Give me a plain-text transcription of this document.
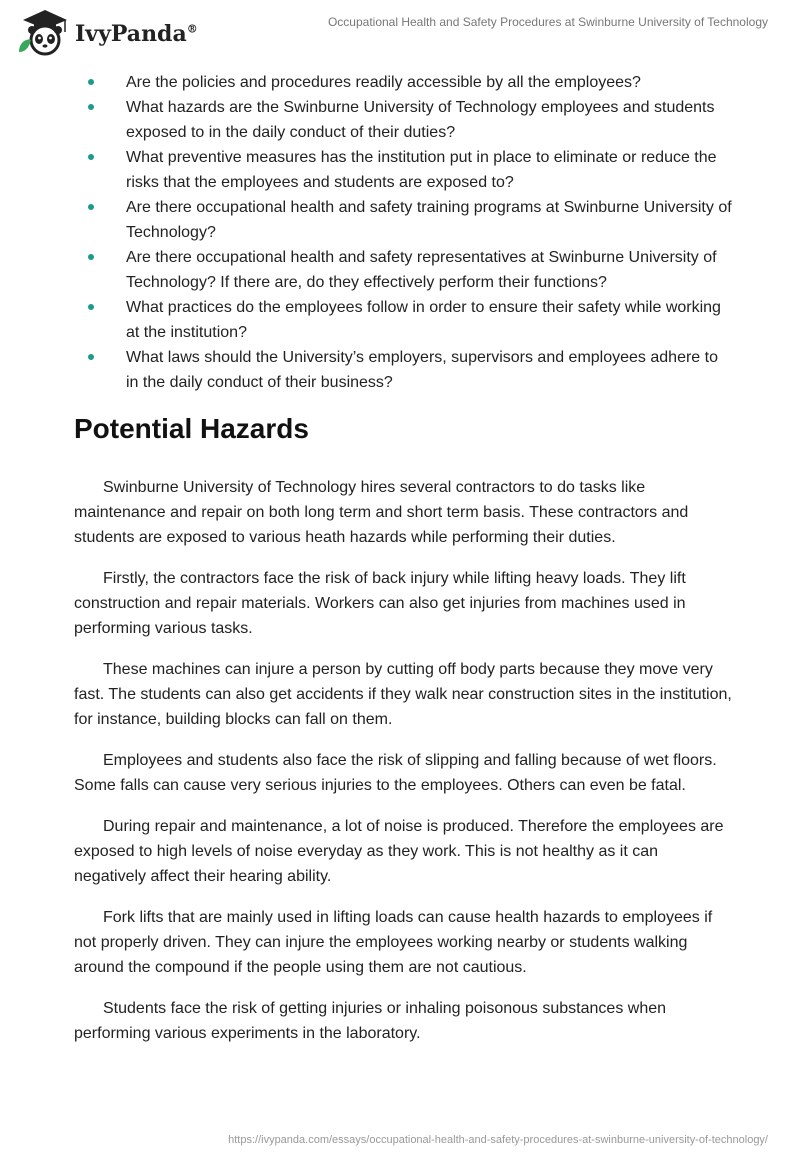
IvyPanda®
Occupational Health and Safety Procedures at Swinburne University of Technology
Are the policies and procedures readily accessible by all the employees?
What hazards are the Swinburne University of Technology employees and students exposed to in the daily conduct of their duties?
What preventive measures has the institution put in place to eliminate or reduce the risks that the employees and students are exposed to?
Are there occupational health and safety training programs at Swinburne University of Technology?
Are there occupational health and safety representatives at Swinburne University of Technology? If there are, do they effectively perform their functions?
What practices do the employees follow in order to ensure their safety while working at the institution?
What laws should the University’s employers, supervisors and employees adhere to in the daily conduct of their business?
Potential Hazards

Swinburne University of Technology hires several contractors to do tasks like maintenance and repair on both long term and short term basis. These contractors and students are exposed to various heath hazards while performing their duties.

Firstly, the contractors face the risk of back injury while lifting heavy loads. They lift construction and repair materials. Workers can also get injuries from machines used in performing various tasks.

These machines can injure a person by cutting off body parts because they move very fast. The students can also get accidents if they walk near construction sites in the institution, for instance, building blocks can fall on them.

Employees and students also face the risk of slipping and falling because of wet floors. Some falls can cause very serious injuries to the employees. Others can even be fatal.

During repair and maintenance, a lot of noise is produced. Therefore the employees are exposed to high levels of noise everyday as they work. This is not healthy as it can negatively affect their hearing ability.

Fork lifts that are mainly used in lifting loads can cause health hazards to employees if not properly driven. They can injure the employees working nearby or students walking around the compound if the people using them are not cautious.

Students face the risk of getting injuries or inhaling poisonous substances when performing various experiments in the laboratory.

https://ivypanda.com/essays/occupational-health-and-safety-procedures-at-swinburne-university-of-technology/
